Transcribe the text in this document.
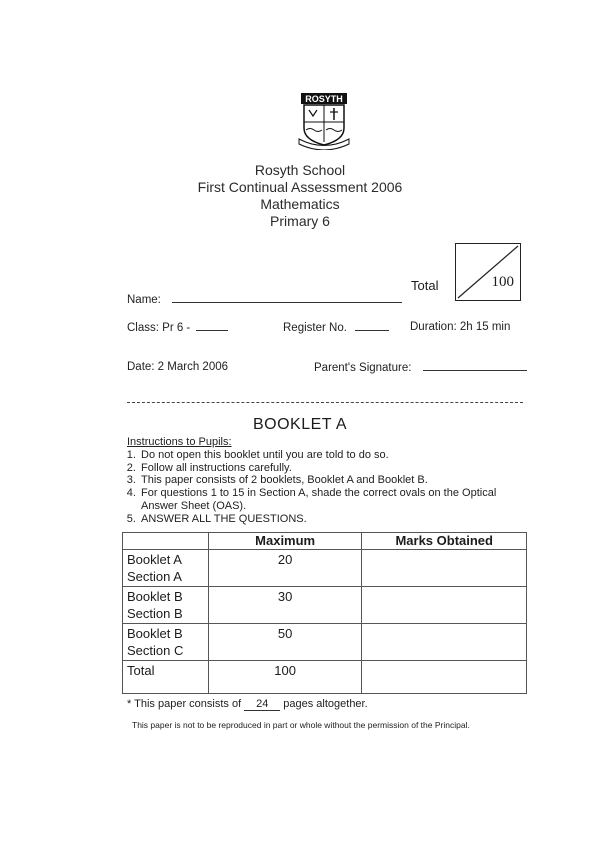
ROSYTH
Rosyth School
First Continual Assessment 2006
Mathematics
Primary 6
Total	100
Name:
Class: Pr 6 -	Register No.	Duration: 2h 15 min
Date: 2 March 2006	Parent's Signature:
BOOKLET A
Instructions to Pupils:
1. Do not open this booklet until you are told to do so.
2. Follow all instructions carefully.
3. This paper consists of 2 booklets, Booklet A and Booklet B.
4. For questions 1 to 15 in Section A, shade the correct ovals on the Optical Answer Sheet (OAS).
5. ANSWER ALL THE QUESTIONS.
	Maximum	Marks Obtained
Booklet A
Section A	20	
Booklet B
Section B	30	
Booklet B
Section C	50	
Total	100	
* This paper consists of 24 pages altogether.
This paper is not to be reproduced in part or whole without the permission of the Principal.
